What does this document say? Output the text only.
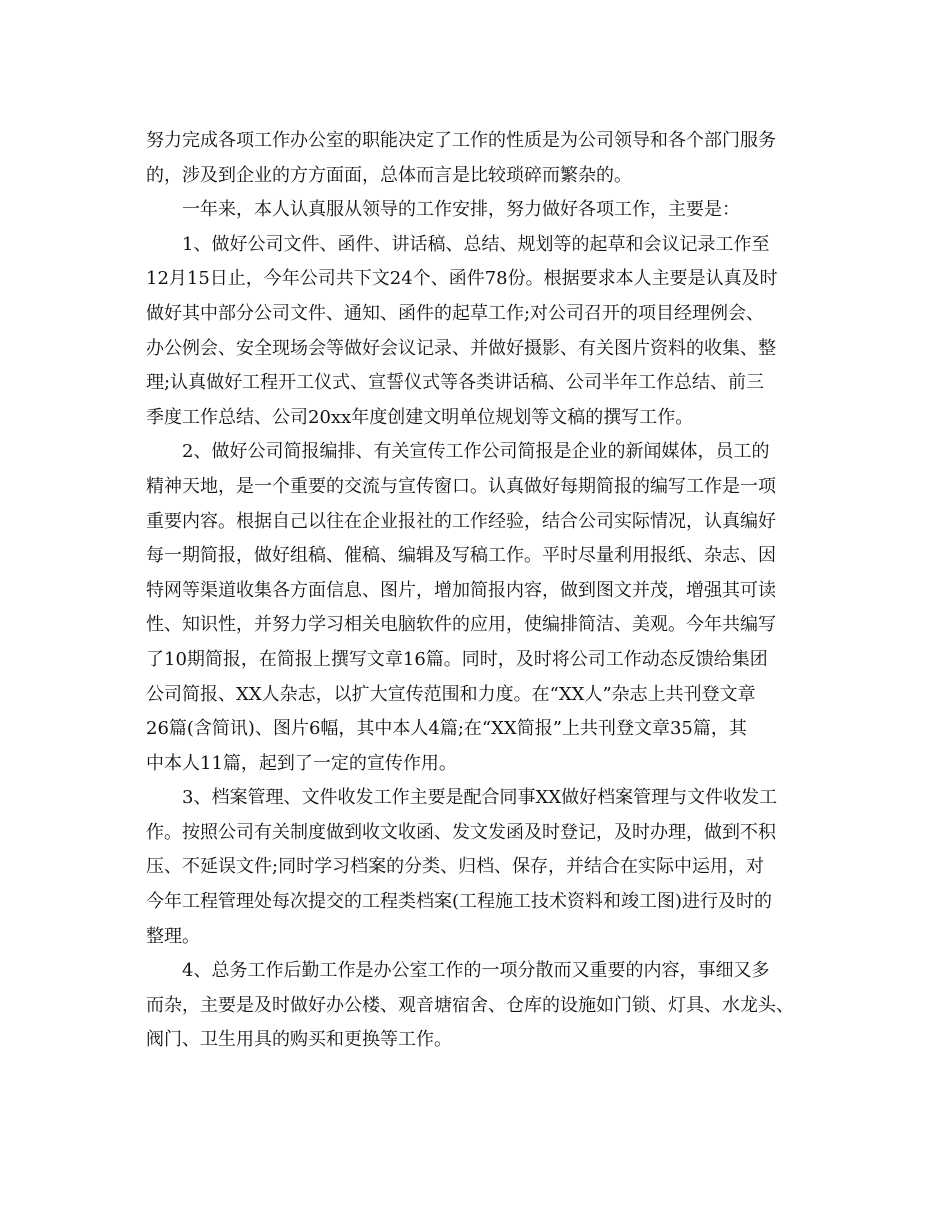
努力完成各项工作办公室的职能决定了工作的性质是为公司领导和各个部门服务
的，涉及到企业的方方面面，总体而言是比较琐碎而繁杂的。
一年来，本人认真服从领导的工作安排，努力做好各项工作，主要是：
1、做好公司文件、函件、讲话稿、总结、规划等的起草和会议记录工作至
12月15日止，今年公司共下文24个、函件78份。根据要求本人主要是认真及时
做好其中部分公司文件、通知、函件的起草工作;对公司召开的项目经理例会、
办公例会、安全现场会等做好会议记录、并做好摄影、有关图片资料的收集、整
理;认真做好工程开工仪式、宣誓仪式等各类讲话稿、公司半年工作总结、前三
季度工作总结、公司20xx年度创建文明单位规划等文稿的撰写工作。
2、做好公司简报编排、有关宣传工作公司简报是企业的新闻媒体，员工的
精神天地，是一个重要的交流与宣传窗口。认真做好每期简报的编写工作是一项
重要内容。根据自己以往在企业报社的工作经验，结合公司实际情况，认真编好
每一期简报，做好组稿、催稿、编辑及写稿工作。平时尽量利用报纸、杂志、因
特网等渠道收集各方面信息、图片，增加简报内容，做到图文并茂，增强其可读
性、知识性，并努力学习相关电脑软件的应用，使编排简洁、美观。今年共编写
了10期简报，在简报上撰写文章16篇。同时，及时将公司工作动态反馈给集团
公司简报、XX人杂志，以扩大宣传范围和力度。在“XX人”杂志上共刊登文章
26篇(含简讯)、图片6幅，其中本人4篇;在“XX简报”上共刊登文章35篇，其
中本人11篇，起到了一定的宣传作用。
3、档案管理、文件收发工作主要是配合同事XX做好档案管理与文件收发工
作。按照公司有关制度做到收文收函、发文发函及时登记，及时办理，做到不积
压、不延误文件;同时学习档案的分类、归档、保存，并结合在实际中运用，对
今年工程管理处每次提交的工程类档案(工程施工技术资料和竣工图)进行及时的
整理。
4、总务工作后勤工作是办公室工作的一项分散而又重要的内容，事细又多
而杂，主要是及时做好办公楼、观音塘宿舍、仓库的设施如门锁、灯具、水龙头、
阀门、卫生用具的购买和更换等工作。
